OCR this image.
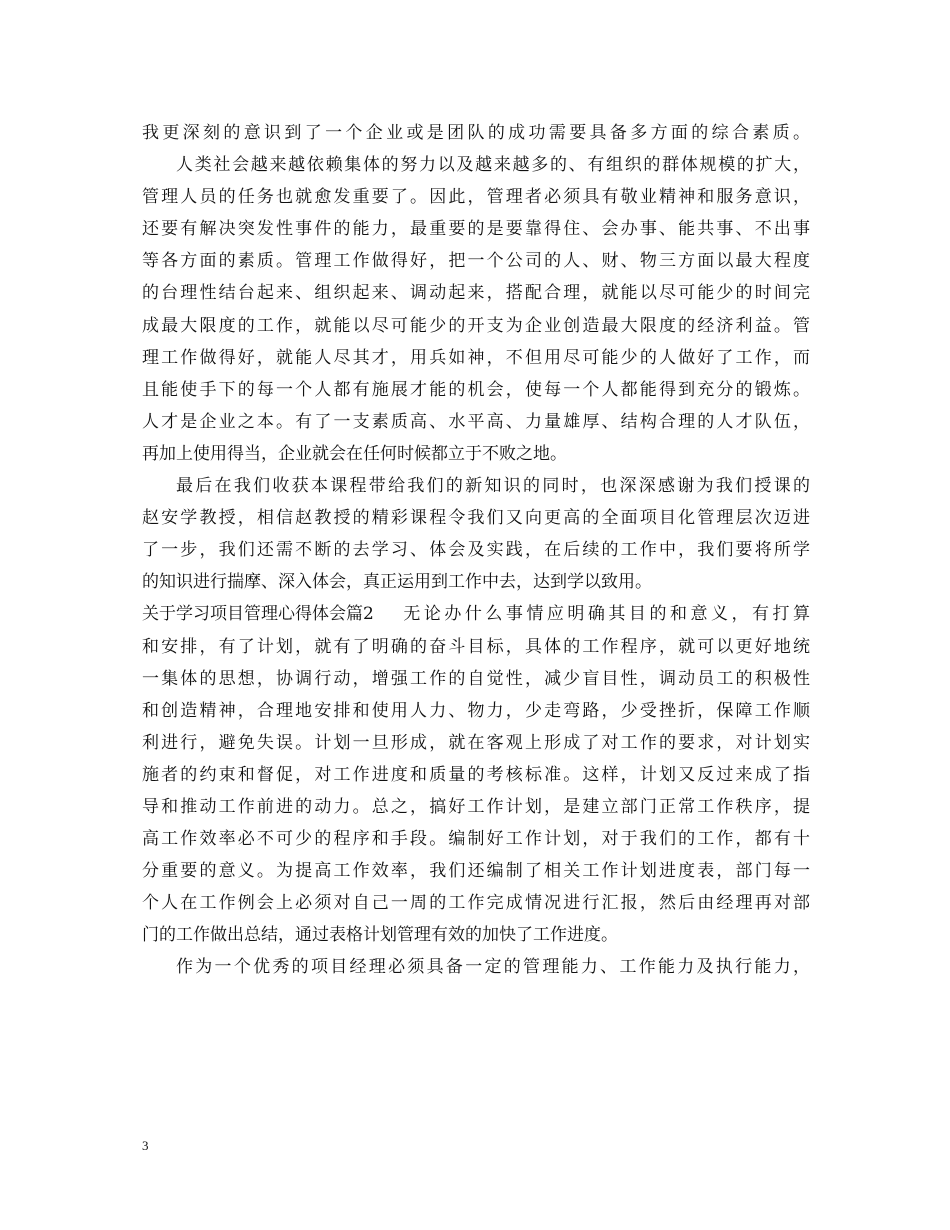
我更深刻的意识到了一个企业或是团队的成功需要具备多方面的综合素质。
人类社会越来越依赖集体的努力以及越来越多的、有组织的群体规模的扩大，
管理人员的任务也就愈发重要了。因此，管理者必须具有敬业精神和服务意识，
还要有解决突发性事件的能力，最重要的是要靠得住、会办事、能共事、不出事
等各方面的素质。管理工作做得好，把一个公司的人、财、物三方面以最大程度
的台理性结台起来、组织起来、调动起来，搭配合理，就能以尽可能少的时间完
成最大限度的工作，就能以尽可能少的开支为企业创造最大限度的经济利益。管
理工作做得好，就能人尽其才，用兵如神，不但用尽可能少的人做好了工作，而
且能使手下的每一个人都有施展才能的机会，使每一个人都能得到充分的锻炼。
人才是企业之本。有了一支素质高、水平高、力量雄厚、结构合理的人才队伍，
再加上使用得当，企业就会在任何时候都立于不败之地。
最后在我们收获本课程带给我们的新知识的同时，也深深感谢为我们授课的
赵安学教授，相信赵教授的精彩课程令我们又向更高的全面项目化管理层次迈进
了一步，我们还需不断的去学习、体会及实践，在后续的工作中，我们要将所学
的知识进行揣摩、深入体会，真正运用到工作中去，达到学以致用。
关于学习项目管理心得体会篇2 无论办什么事情应明确其目的和意义，有打算
和安排，有了计划，就有了明确的奋斗目标，具体的工作程序，就可以更好地统
一集体的思想，协调行动，增强工作的自觉性，减少盲目性，调动员工的积极性
和创造精神，合理地安排和使用人力、物力，少走弯路，少受挫折，保障工作顺
利进行，避免失误。计划一旦形成，就在客观上形成了对工作的要求，对计划实
施者的约束和督促，对工作进度和质量的考核标准。这样，计划又反过来成了指
导和推动工作前进的动力。总之，搞好工作计划，是建立部门正常工作秩序，提
高工作效率必不可少的程序和手段。编制好工作计划，对于我们的工作，都有十
分重要的意义。为提高工作效率，我们还编制了相关工作计划进度表，部门每一
个人在工作例会上必须对自己一周的工作完成情况进行汇报，然后由经理再对部
门的工作做出总结，通过表格计划管理有效的加快了工作进度。
作为一个优秀的项目经理必须具备一定的管理能力、工作能力及执行能力，
3
